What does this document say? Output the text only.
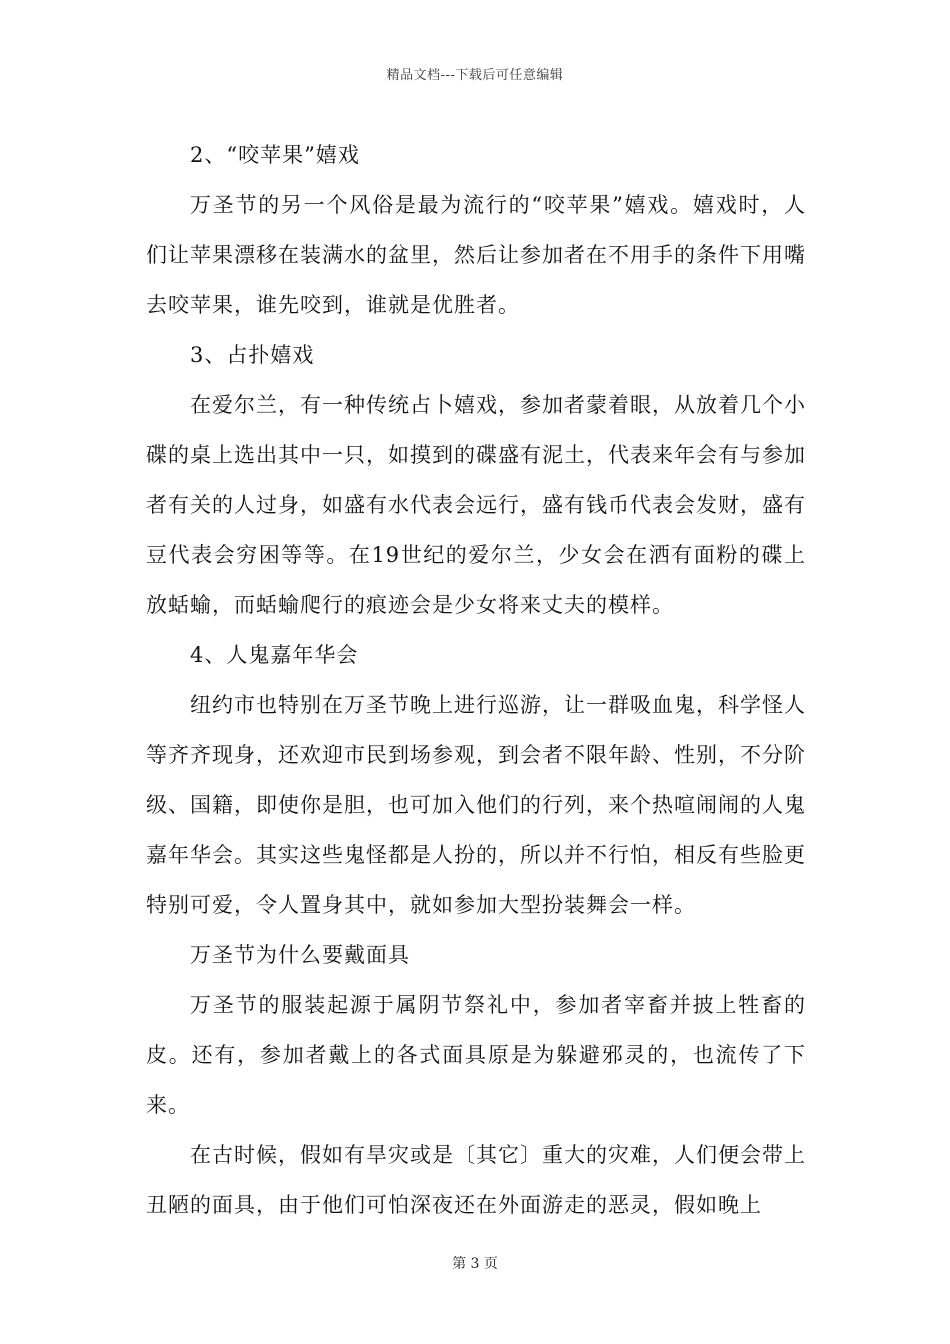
精品文档---下载后可任意编辑

2、“咬苹果”嬉戏

万圣节的另一个风俗是最为流行的“咬苹果”嬉戏。嬉戏时，人们让苹果漂移在装满水的盆里，然后让参加者在不用手的条件下用嘴去咬苹果，谁先咬到，谁就是优胜者。

3、占扑嬉戏

在爱尔兰，有一种传统占卜嬉戏，参加者蒙着眼，从放着几个小碟的桌上选出其中一只，如摸到的碟盛有泥土，代表来年会有与参加者有关的人过身，如盛有水代表会远行，盛有钱币代表会发财，盛有豆代表会穷困等等。在19世纪的爱尔兰，少女会在洒有面粉的碟上放蛞蝓，而蛞蝓爬行的痕迹会是少女将来丈夫的模样。

4、人鬼嘉年华会

纽约市也特别在万圣节晚上进行巡游，让一群吸血鬼，科学怪人等齐齐现身，还欢迎市民到场参观，到会者不限年龄、性别，不分阶级、国籍，即使你是胆，也可加入他们的行列，来个热喧闹闹的人鬼嘉年华会。其实这些鬼怪都是人扮的，所以并不行怕，相反有些脸更特别可爱，令人置身其中，就如参加大型扮装舞会一样。

万圣节为什么要戴面具

万圣节的服装起源于属阴节祭礼中，参加者宰畜并披上牲畜的皮。还有，参加者戴上的各式面具原是为躲避邪灵的，也流传了下来。

在古时候，假如有旱灾或是〔其它〕重大的灾难，人们便会带上丑陋的面具，由于他们可怕深夜还在外面游走的恶灵，假如晚上

第 3 页
